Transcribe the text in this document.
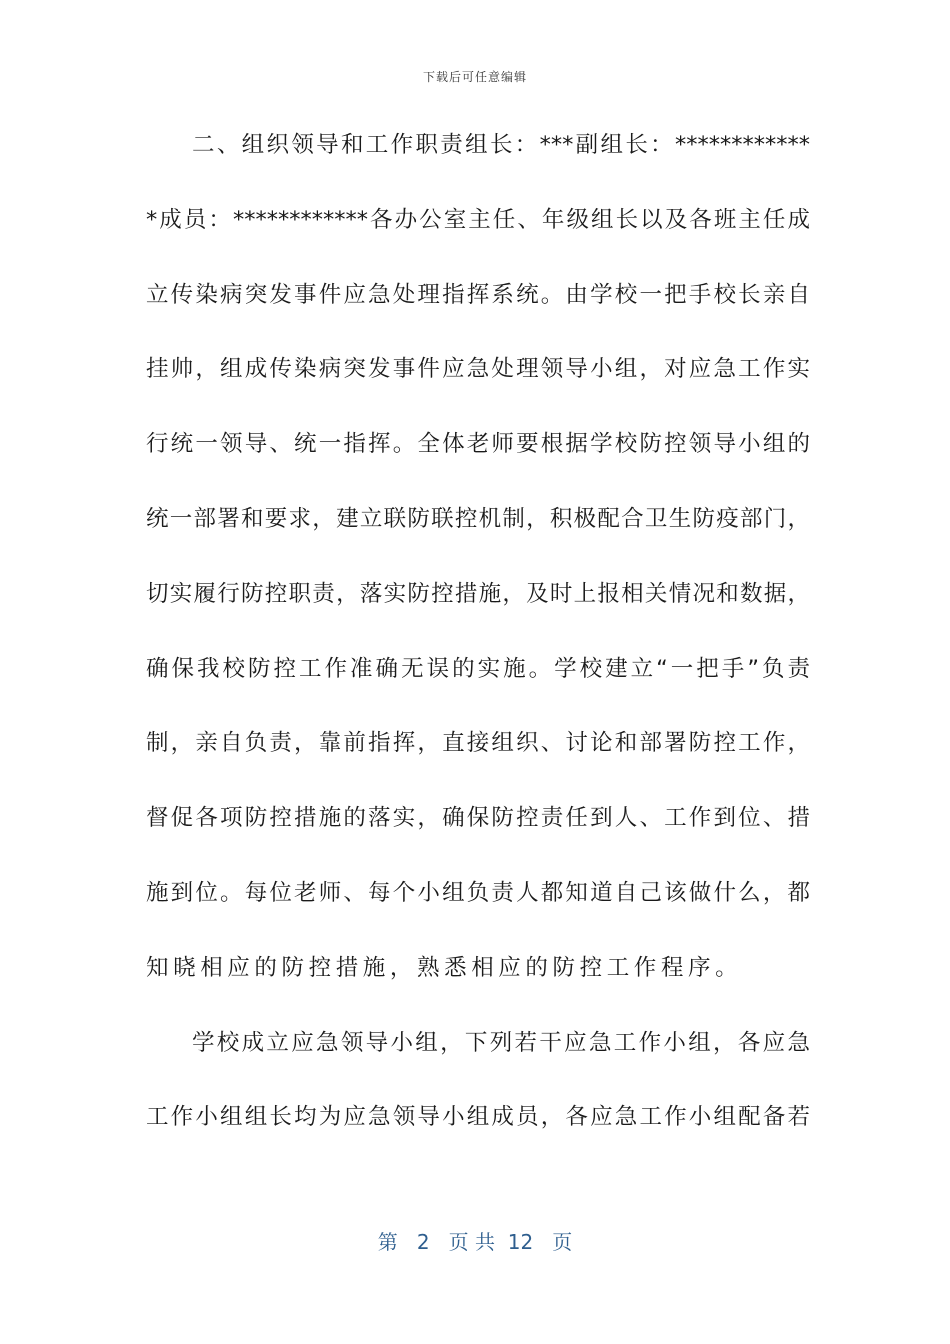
下载后可任意编辑
二、组织领导和工作职责组长：***副组长：************
*成员：************各办公室主任、年级组长以及各班主任成
立传染病突发事件应急处理指挥系统。由学校一把手校长亲自
挂帅，组成传染病突发事件应急处理领导小组，对应急工作实
行统一领导、统一指挥。全体老师要根据学校防控领导小组的
统一部署和要求，建立联防联控机制，积极配合卫生防疫部门，
切实履行防控职责，落实防控措施，及时上报相关情况和数据，
确保我校防控工作准确无误的实施。学校建立“一把手”负责
制，亲自负责，靠前指挥，直接组织、讨论和部署防控工作，
督促各项防控措施的落实，确保防控责任到人、工作到位、措
施到位。每位老师、每个小组负责人都知道自己该做什么，都
知晓相应的防控措施，熟悉相应的防控工作程序。
学校成立应急领导小组，下列若干应急工作小组，各应急
工作小组组长均为应急领导小组成员，各应急工作小组配备若
第 2 页 共 12 页
